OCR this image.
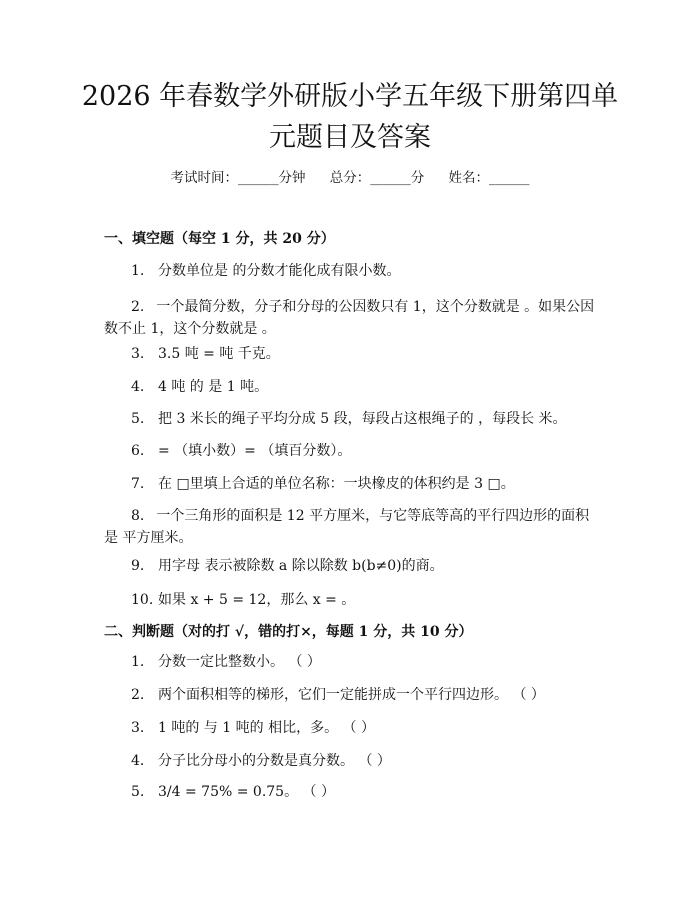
2026 年春数学外研版小学五年级下册第四单
元题目及答案
考试时间：______分钟 总分：______分 姓名：______
一、填空题（每空 1 分，共 20 分）
1. 分数单位是 的分数才能化成有限小数。
2. 一个最简分数，分子和分母的公因数只有 1，这个分数就是 。如果公因数不止 1，这个分数就是 。
3. 3.5 吨 = 吨 千克。
4. 4 吨 的 是 1 吨。
5. 把 3 米长的绳子平均分成 5 段，每段占这根绳子的 ，每段长 米。
6. = （填小数）= （填百分数）。
7. 在 □里填上合适的单位名称：一块橡皮的体积约是 3 □。
8. 一个三角形的面积是 12 平方厘米，与它等底等高的平行四边形的面积是 平方厘米。
9. 用字母 表示被除数 a 除以除数 b(b≠0)的商。
10. 如果 x + 5 = 12，那么 x = 。
二、判断题（对的打 √，错的打×，每题 1 分，共 10 分）
1. 分数一定比整数小。 （ ）
2. 两个面积相等的梯形，它们一定能拼成一个平行四边形。 （ ）
3. 1 吨的 与 1 吨的 相比，多。 （ ）
4. 分子比分母小的分数是真分数。 （ ）
5. 3/4 = 75% = 0.75。 （ ）
